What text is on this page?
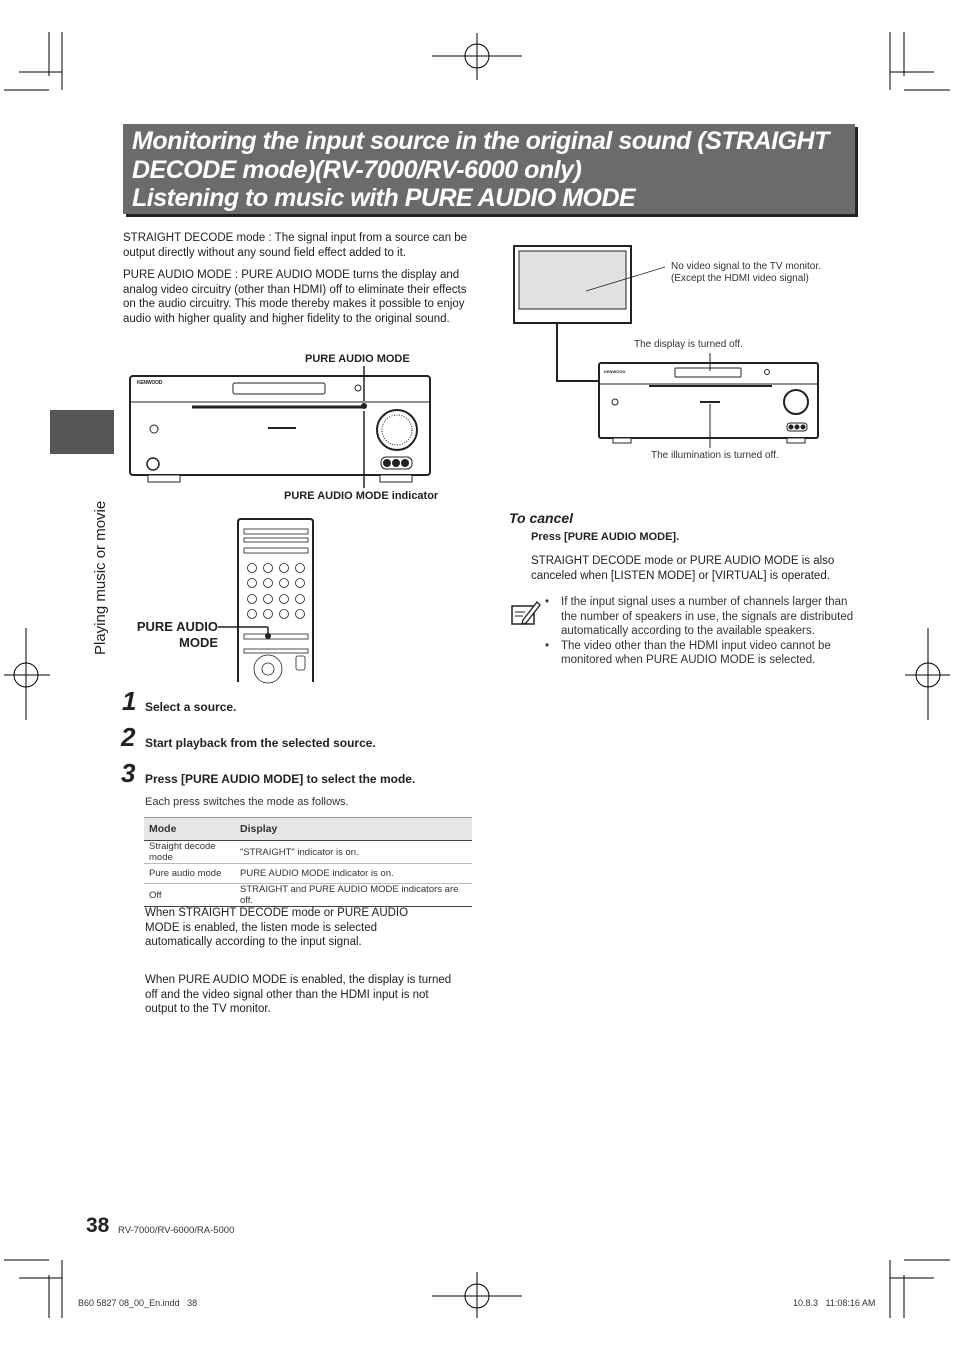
Monitoring the input source in the original sound (STRAIGHT
DECODE mode)(RV-7000/RV-6000 only)
Listening to music with PURE AUDIO MODE
Playing music or movie
STRAIGHT DECODE mode : The signal input from a source can be output directly without any sound field effect added to it.
PURE AUDIO MODE : PURE AUDIO MODE turns the display and analog video circuitry (other than HDMI) off to eliminate their effects on the audio circuitry. This mode thereby makes it possible to enjoy audio with higher quality and higher fidelity to the original sound.
PURE AUDIO MODE
KENWOOD
PURE AUDIO MODE indicator
PURE AUDIO
MODE
1 Select a source.
2 Start playback from the selected source.
3 Press [PURE AUDIO MODE] to select the mode.
Each press switches the mode as follows.
Mode	Display
Straight decode mode	"STRAIGHT" indicator is on.
Pure audio mode	PURE AUDIO MODE indicator is on.
Off	STRAIGHT and PURE AUDIO MODE indicators are off.
When STRAIGHT DECODE mode or PURE AUDIO MODE is enabled, the listen mode is selected automatically according to the input signal.
When PURE AUDIO MODE is enabled, the display is turned off and the video signal other than the HDMI input is not output to the TV monitor.
KENWOOD
No video signal to the TV monitor.
(Except the HDMI video signal)
The display is turned off.
The illumination is turned off.
To cancel
Press [PURE AUDIO MODE].
STRAIGHT DECODE mode or PURE AUDIO MODE is also canceled when [LISTEN MODE] or [VIRTUAL] is operated.
• If the input signal uses a number of channels larger than the number of speakers in use, the signals are distributed automatically according to the available speakers.
• The video other than the HDMI input video cannot be monitored when PURE AUDIO MODE is selected.
38 RV-7000/RV-6000/RA-5000
B60 5827 08_00_En.indd   38	10.8.3   11:08:16 AM
